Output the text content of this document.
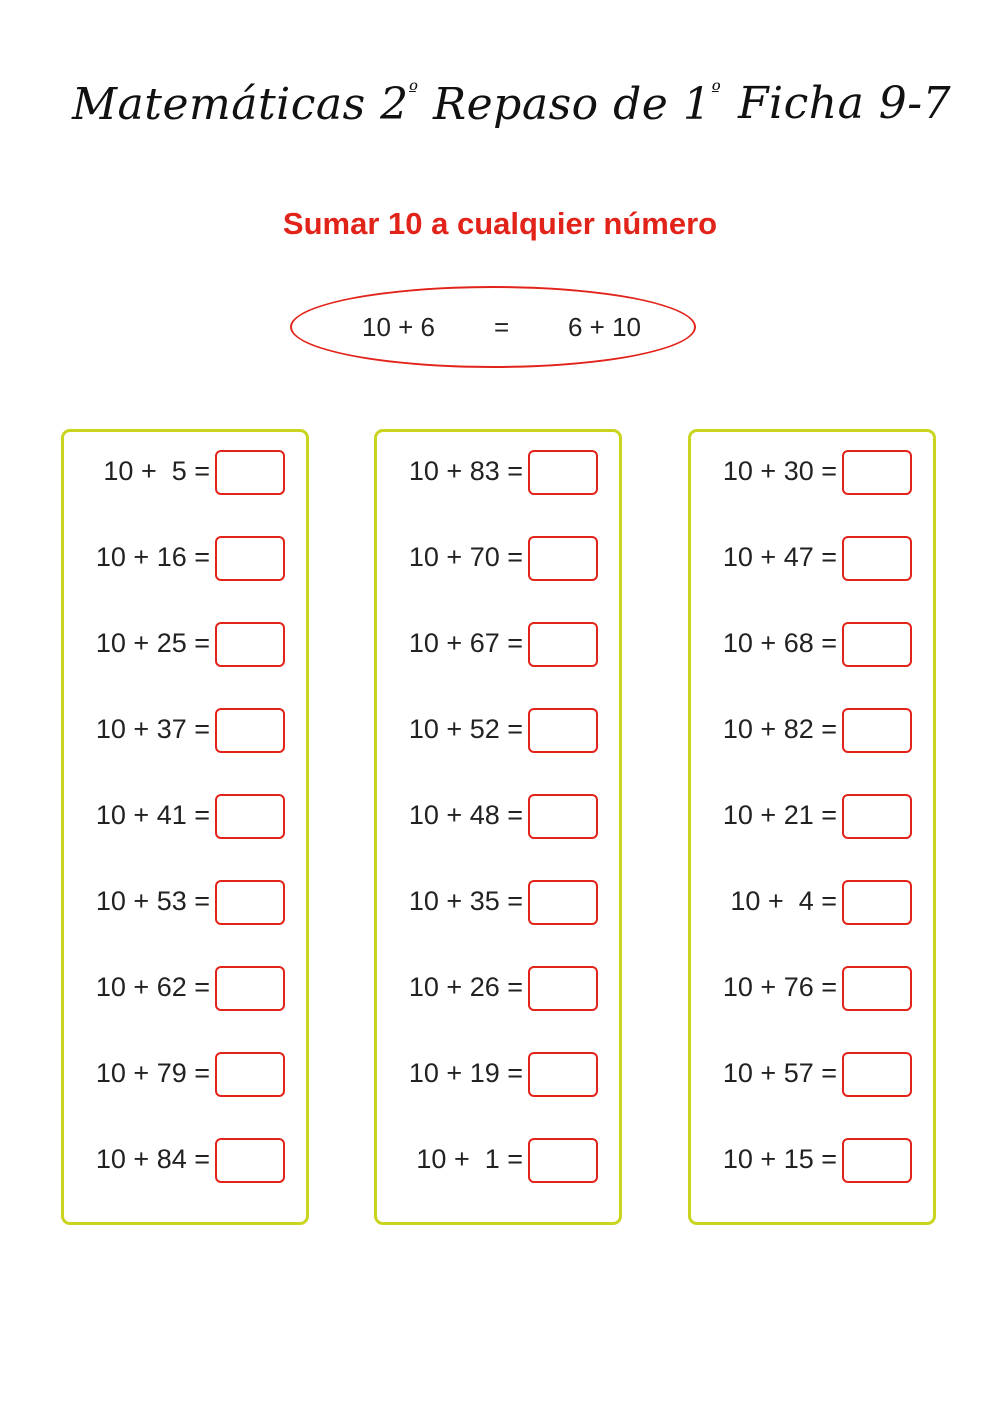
Matemáticas $2^º$ Repaso de $1^º$ Ficha 9-7
Sumar 10 a cualquier número
10 + 6 = 6 + 10
10 +  5 =
10 + 16 =
10 + 25 =
10 + 37 =
10 + 41 =
10 + 53 =
10 + 62 =
10 + 79 =
10 + 84 =
10 + 83 =
10 + 70 =
10 + 67 =
10 + 52 =
10 + 48 =
10 + 35 =
10 + 26 =
10 + 19 =
10 +  1 =
10 + 30 =
10 + 47 =
10 + 68 =
10 + 82 =
10 + 21 =
10 +  4 =
10 + 76 =
10 + 57 =
10 + 15 =
